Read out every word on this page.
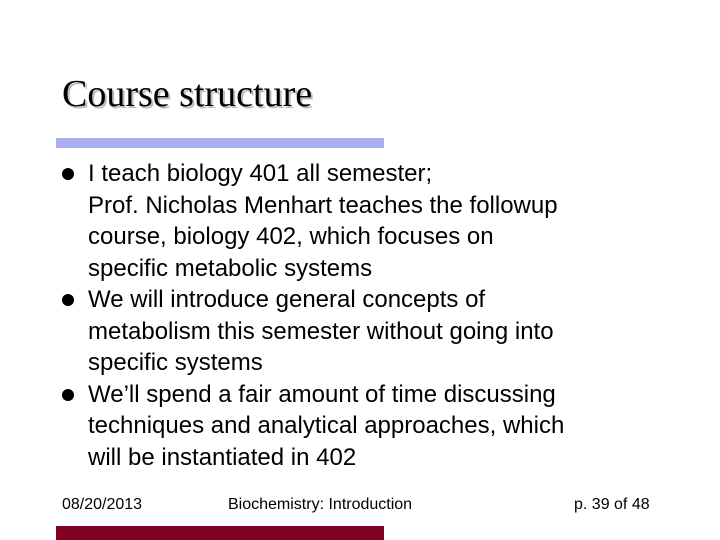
Course structure
I teach biology 401 all semester;
Prof. Nicholas Menhart teaches the followup
course, biology 402, which focuses on
specific metabolic systems
We will introduce general concepts of
metabolism this semester without going into
specific systems
We’ll spend a fair amount of time discussing
techniques and analytical approaches, which
will be instantiated in 402
08/20/2013	Biochemistry: Introduction	p. 39 of 48
